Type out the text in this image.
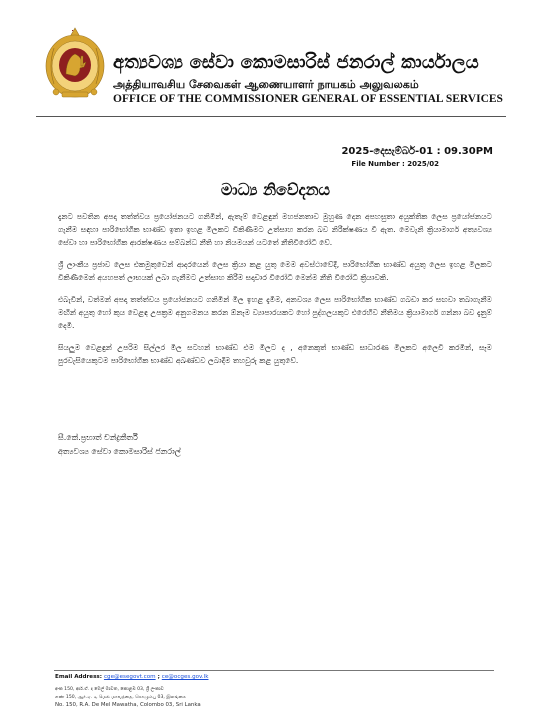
අත්‍යවශ්‍ය සේවා කොමසාරිස් ජනරාල් කාර්යාලය
அத்தியாவசிய சேவைகள் ஆணையாளர் நாயகம் அலுவலகம்
OFFICE OF THE COMMISSIONER GENERAL OF ESSENTIAL SERVICES
2025-දෙසැම්බර්-01 : 09.30PM
File Number : 2025/02
මාධ්‍ය නිවේදනය

දැනට පවතින අපදා තත්ත්වය ප්‍රයෝජනයට ගනිමින්, ඇතැම් වෙළඳුන් මහජනතාව මුහුණ දෙන අපහසුතා අයුක්තික ලෙස ප්‍රයෝජනයට ගැනීම සඳහා පාරිභෝගික භාණ්ඩ ඉතා ඉහළ මිලකට විකිණීමට උත්සාහ කරන බව නිරීක්ෂණය වී ඇත. මෙවැනි ක්‍රියාමාර්ග අත්‍යවශ්‍ය සේවා හා පාරිභෝගික ආරක්ෂණය සම්බන්ධ නීති හා නියමයන් යටතේ නීතිවිරෝධී වේ.

ශ්‍රී ලාංකීය ප්‍රජාව ලෙස එකමුතුවෙන් ආදරයෙන් ලෙස ක්‍රියා කළ යුතු මෙම අවස්ථාවේදී, පාරිභෝගික භාණ්ඩ අයුතු ලෙස ඉහළ මිලකට විකිණීමෙන් අයහපත් ලාභයක් ලබා ගැනීමට උත්සාහ කිරීම සදාචාර විරෝධී මෙන්ම නීති විරෝධී ක්‍රියාවකි.

එබැවින්, වත්මන් අපදා තත්ත්වය ප්‍රයෝජනයට ගනිමින් මිල ඉහළ දැමීම, අනවශ්‍ය ලෙස පාරිභෝගික භාණ්ඩ ගබඩා කර සඟවා තබාගැනීම මඟින් අයුතු හෝ කුය වෙළඳ උපක්‍රම අනුගමනය කරන ඕනෑම ව්‍යාපාරයකට හෝ පුද්ගලයකුට එරෙහිව නීතිමය ක්‍රියාමාර්ග ගන්නා බව දැනුම් දෙමි.

සියලුම වෙළඳුන් උපරිම සිල්ලර මිල සටහන් භාණ්ඩ එම මිලට ද , අනෙකුත් භාණ්ඩ සාධාරණ මිලකට අලෙවි කරමින්, සෑම පුරවැසියෙකුටම පාරිභෝගික භාණ්ඩ අඛණ්ඩව ලබාදීම තහවුරු කළ යුතුවේ.

සී.කේ.ප්‍රභාත් චන්ද්‍රකීර්ති
අත්‍යවශ්‍ය සේවා කොමසාරිස් ජනරාල්
Email Address: cge@esegovt.com ; ce@ocges.gov.lk
අංක 150, ආර්.ඒ. ද මෙල් මාවත, කොළඹ 03, ශ්‍රී ලංකාව
எண் 150, ஆர்.ஏ. டி மெல் மாவத்தை, கொழும்பு 03, இலங்கை
No. 150, R.A. De Mel Mawatha, Colombo 03, Sri Lanka
